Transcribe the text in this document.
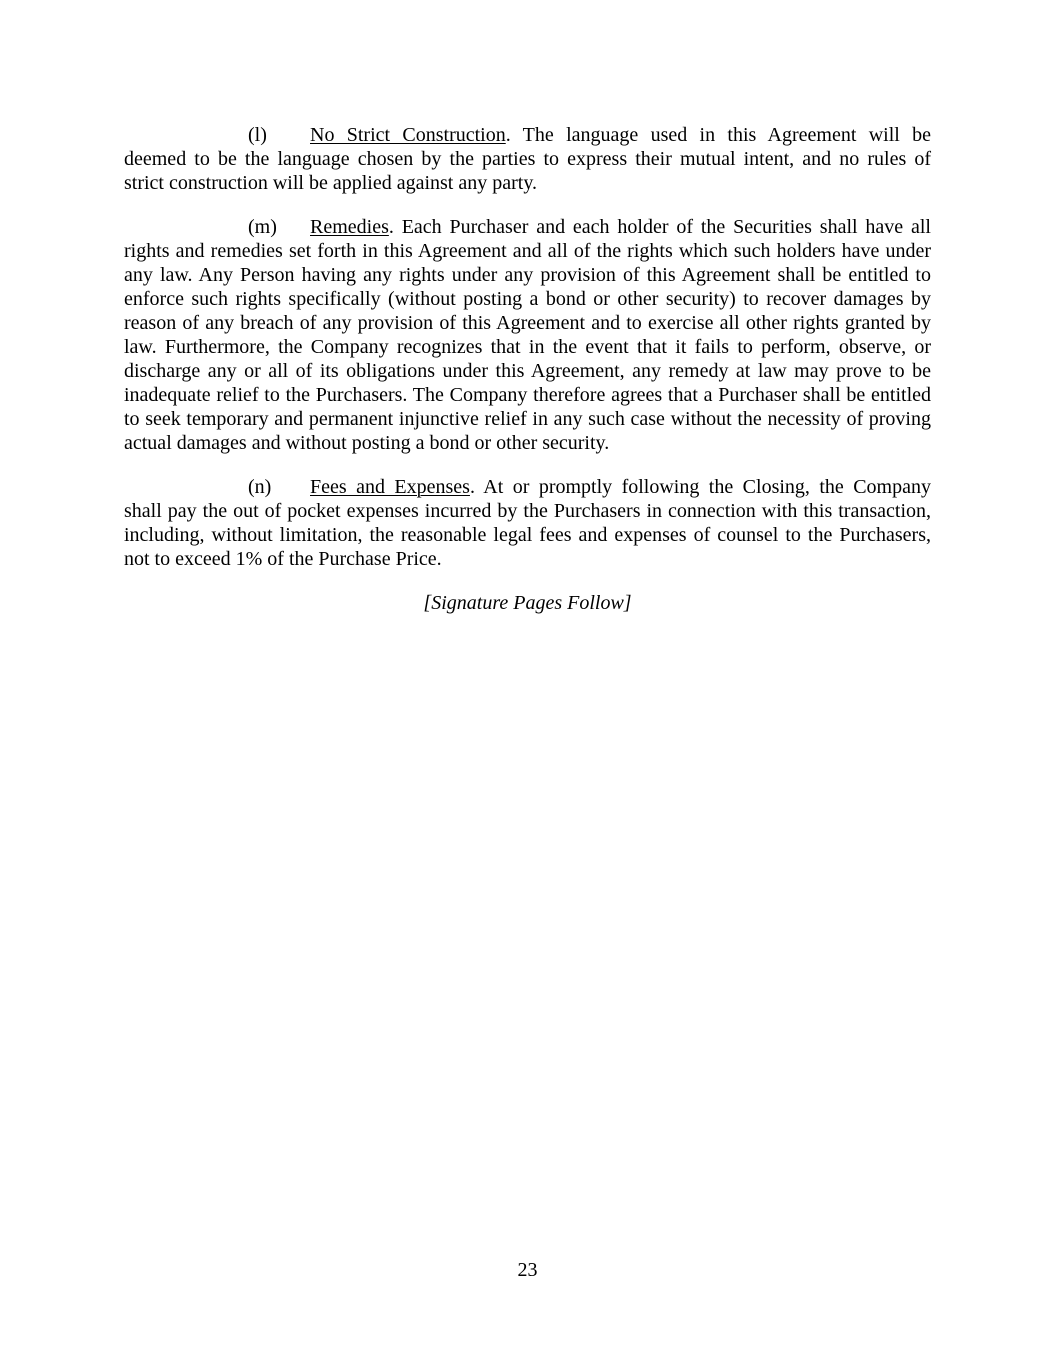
(l) No Strict Construction. The language used in this Agreement will be
deemed to be the language chosen by the parties to express their mutual intent, and no rules of
strict construction will be applied against any party.
(m) Remedies. Each Purchaser and each holder of the Securities shall have all
rights and remedies set forth in this Agreement and all of the rights which such holders have under
any law. Any Person having any rights under any provision of this Agreement shall be entitled to
enforce such rights specifically (without posting a bond or other security) to recover damages by
reason of any breach of any provision of this Agreement and to exercise all other rights granted by
law. Furthermore, the Company recognizes that in the event that it fails to perform, observe, or
discharge any or all of its obligations under this Agreement, any remedy at law may prove to be
inadequate relief to the Purchasers. The Company therefore agrees that a Purchaser shall be entitled
to seek temporary and permanent injunctive relief in any such case without the necessity of proving
actual damages and without posting a bond or other security.
(n) Fees and Expenses. At or promptly following the Closing, the Company
shall pay the out of pocket expenses incurred by the Purchasers in connection with this transaction,
including, without limitation, the reasonable legal fees and expenses of counsel to the Purchasers,
not to exceed 1% of the Purchase Price.

[Signature Pages Follow]

23
